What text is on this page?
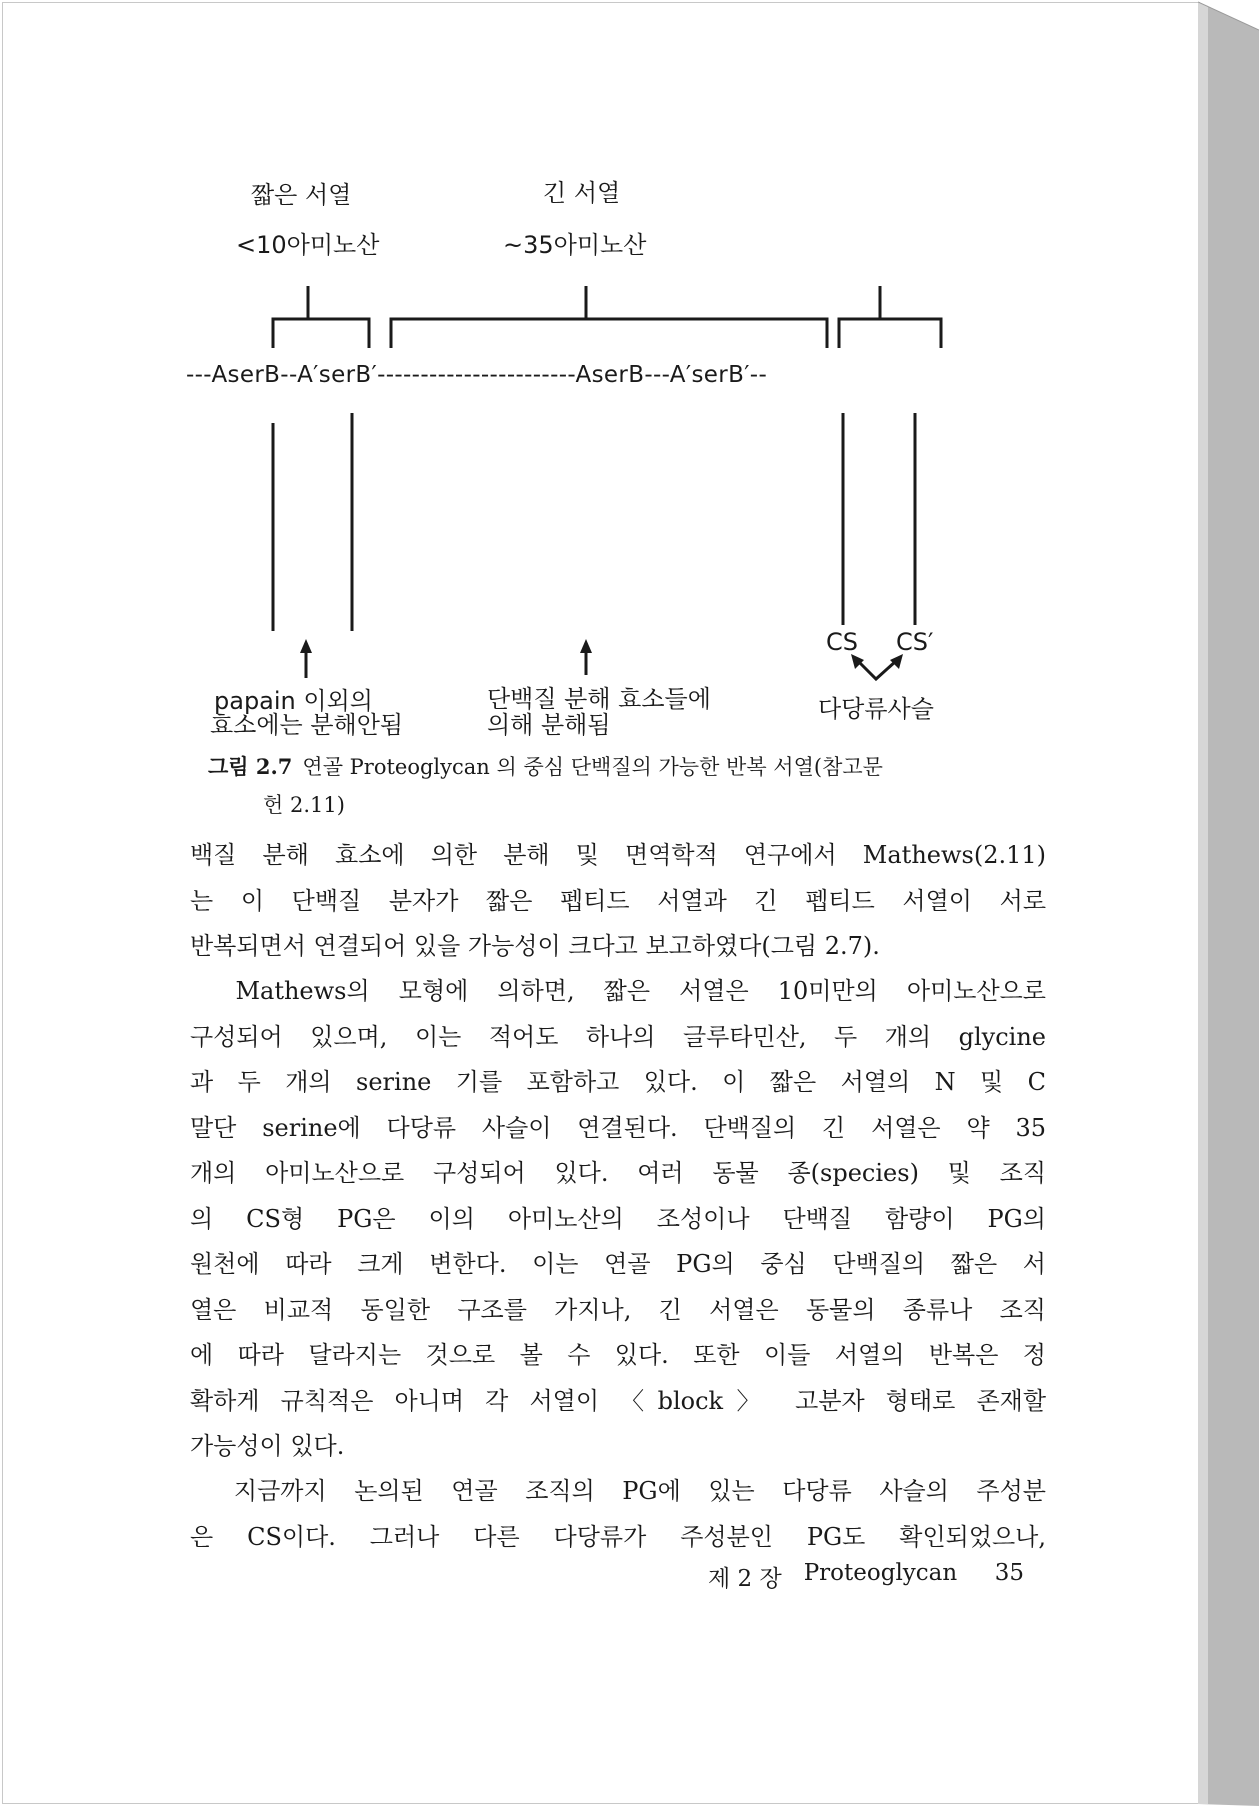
짧은 서열
<10아미노산
긴 서열
~35아미노산
---AserB--A′serB′-----------------------AserB---A′serB′--
CS CS′
다당류사슬
papain 이외의
효소에는 분해안됨
단백질 분해 효소들에
의해 분해됨
그림 2.7 연골 Proteoglycan 의 중심 단백질의 가능한 반복 서열(참고문
헌 2.11)
백질 분해 효소에 의한 분해 및 면역학적 연구에서 Mathews(2.11)
는 이 단백질 분자가 짧은 펩티드 서열과 긴 펩티드 서열이 서로
반복되면서 연결되어 있을 가능성이 크다고 보고하였다(그림 2.7).
　Mathews의 모형에 의하면, 짧은 서열은 10미만의 아미노산으로
구성되어 있으며, 이는 적어도 하나의 글루타민산, 두 개의 glycine
과 두 개의 serine 기를 포함하고 있다. 이 짧은 서열의 N 및 C
말단 serine에 다당류 사슬이 연결된다. 단백질의 긴 서열은 약 35
개의 아미노산으로 구성되어 있다. 여러 동물 종(species) 및 조직
의 CS형 PG은 이의 아미노산의 조성이나 단백질 함량이 PG의
원천에 따라 크게 변한다. 이는 연골 PG의 중심 단백질의 짧은 서
열은 비교적 동일한 구조를 가지나, 긴 서열은 동물의 종류나 조직
에 따라 달라지는 것으로 볼 수 있다. 또한 이들 서열의 반복은 정
확하게 규칙적은 아니며 각 서열이 〈block〉 고분자 형태로 존재할
가능성이 있다.
　지금까지 논의된 연골 조직의 PG에 있는 다당류 사슬의 주성분
은 CS이다. 그러나 다른 다당류가 주성분인 PG도 확인되었으나,
제 2 장 Proteoglycan 35
